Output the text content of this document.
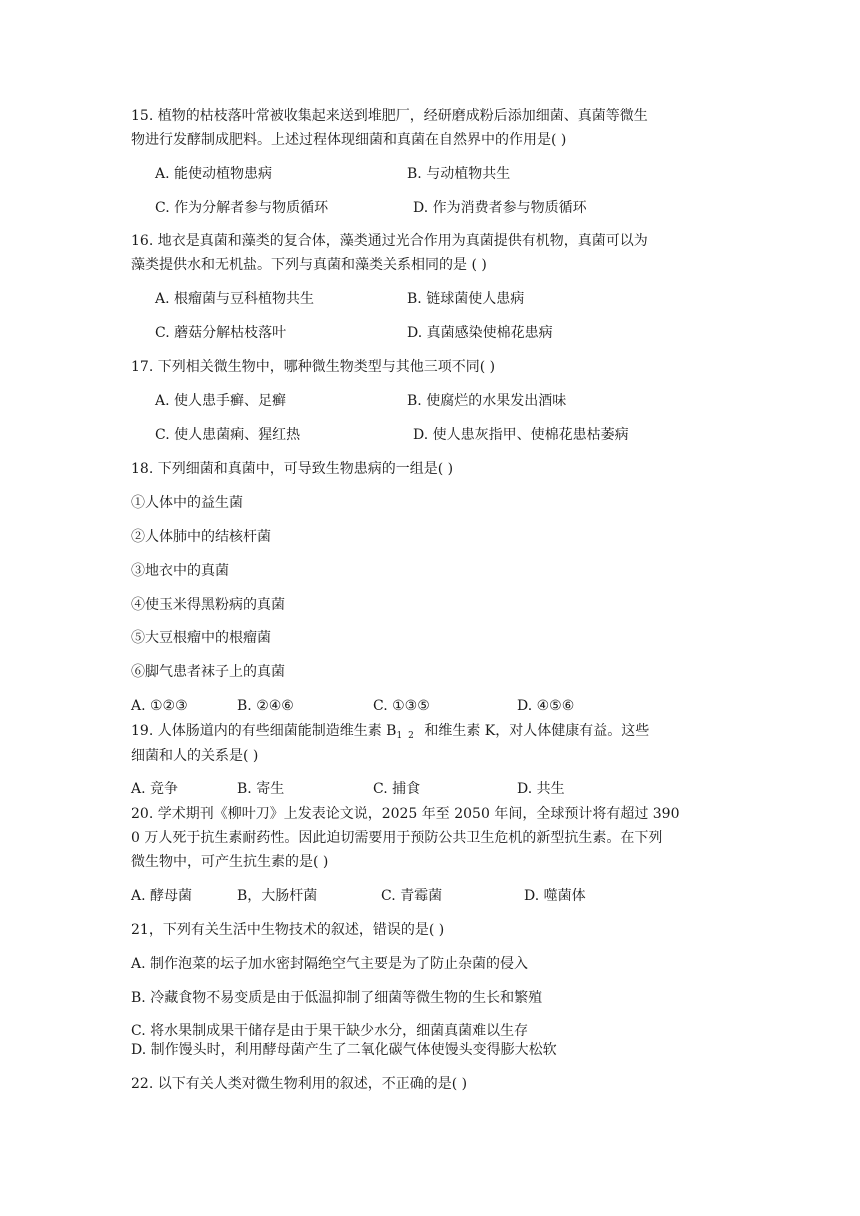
15. 植物的枯枝落叶常被收集起来送到堆肥厂，经研磨成粉后添加细菌、真菌等微生
物进行发酵制成肥料。上述过程体现细菌和真菌在自然界中的作用是( )
A. 能使动植物患病	B. 与动植物共生
C. 作为分解者参与物质循环	D. 作为消费者参与物质循环
16. 地衣是真菌和藻类的复合体，藻类通过光合作用为真菌提供有机物，真菌可以为
藻类提供水和无机盐。下列与真菌和藻类关系相同的是 ( )
A. 根瘤菌与豆科植物共生	B. 链球菌使人患病
C. 蘑菇分解枯枝落叶	D. 真菌感染使棉花患病
17. 下列相关微生物中，哪种微生物类型与其他三项不同( )
A. 使人患手癣、足癣	B. 使腐烂的水果发出酒味
C. 使人患菌痢、猩红热	D. 使人患灰指甲、使棉花患枯萎病
18. 下列细菌和真菌中，可导致生物患病的一组是( )
①人体中的益生菌
②人体肺中的结核杆菌
③地衣中的真菌
④使玉米得黑粉病的真菌
⑤大豆根瘤中的根瘤菌
⑥脚气患者袜子上的真菌
A. ①②③	B. ②④⑥	C. ①③⑤	D. ④⑤⑥
19. 人体肠道内的有些细菌能制造维生素 $B_{12}$ 和维生素 K，对人体健康有益。这些
细菌和人的关系是( )
A. 竞争	B. 寄生	C. 捕食	D. 共生
20. 学术期刊《柳叶刀》上发表论文说，2025 年至 2050 年间，全球预计将有超过 390
0 万人死于抗生素耐药性。因此迫切需要用于预防公共卫生危机的新型抗生素。在下列
微生物中，可产生抗生素的是( )
A. 酵母菌	B，大肠杆菌	C. 青霉菌	D. 噬菌体
21，下列有关生活中生物技术的叙述，错误的是( )
A. 制作泡菜的坛子加水密封隔绝空气主要是为了防止杂菌的侵入
B. 冷藏食物不易变质是由于低温抑制了细菌等微生物的生长和繁殖
C. 将水果制成果干储存是由于果干缺少水分，细菌真菌难以生存
D. 制作馒头时，利用酵母菌产生了二氧化碳气体使馒头变得膨大松软
22. 以下有关人类对微生物利用的叙述，不正确的是( )
